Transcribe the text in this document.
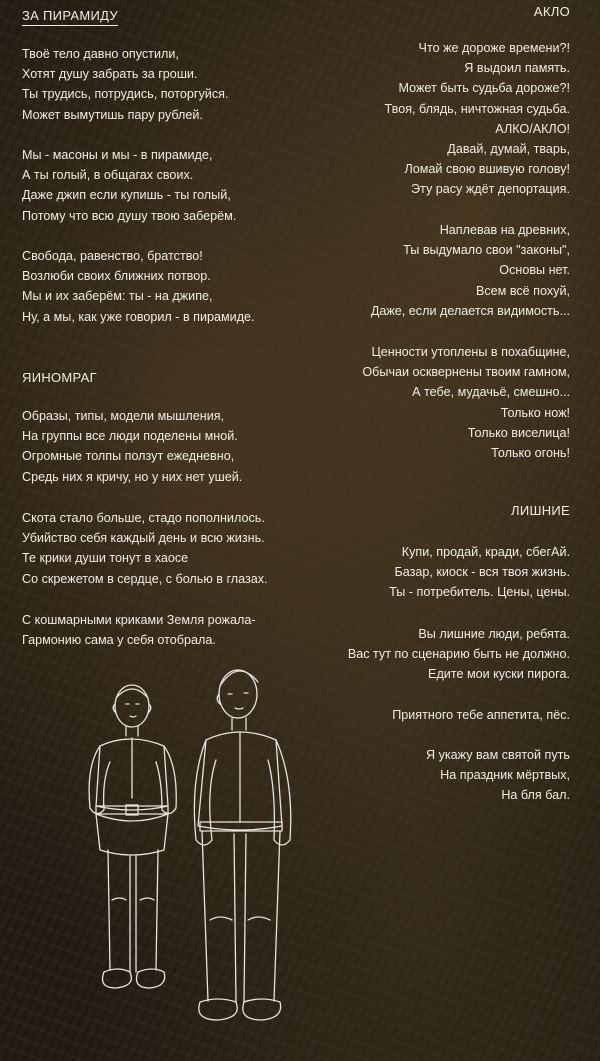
ЗА ПИРАМИДУ

Твоё тело давно опустили,
Хотят душу забрать за гроши.
Ты трудись, потрудись, поторгуйся.
Может вымутишь пару рублей.

Мы - масоны и мы - в пирамиде,
А ты голый, в общагах своих.
Даже джип если купишь - ты голый,
Потому что всю душу твою заберём.

Свобода, равенство, братство!
Возлюби своих ближних потвор.
Мы и их заберём: ты - на джипе,
Ну, а мы, как уже говорил - в пирамиде.

ЯИНОМРАГ

Образы, типы, модели мышления,
На группы все люди поделены мной.
Огромные толпы ползут ежедневно,
Средь них я кричу, но у них нет ушей.

Скота стало больше, стадо пополнилось.
Убийство себя каждый день и всю жизнь.
Те крики души тонут в хаосе
Со скрежетом в сердце, с болью в глазах.

С кошмарными криками Земля рожала-
Гармонию сама у себя отобрала.

АКЛО

Что же дороже времени?!
Я выдоил память.
Может быть судьба дороже?!
Твоя, блядь, ничтожная судьба.
АЛКО/АКЛО!
Давай, думай, тварь,
Ломай свою вшивую голову!
Эту расу ждёт депортация.

Наплевав на древних,
Ты выдумало свои "законы",
Основы нет.
Всем всё похуй,
Даже, если делается видимость...

Ценности утоплены в похабщине,
Обычаи осквернены твоим гамном,
А тебе, мудачьё, смешно...
Только нож!
Только виселица!
Только огонь!

ЛИШНИЕ

Купи, продай, кради, сбегАй.
Базар, киоск - вся твоя жизнь.
Ты - потребитель. Цены, цены.

Вы лишние люди, ребята.
Вас тут по сценарию быть не должно.
Едите мои куски пирога.

Приятного тебе аппетита, пёс.

Я укажу вам святой путь
На праздник мёртвых,
На бля бал.
